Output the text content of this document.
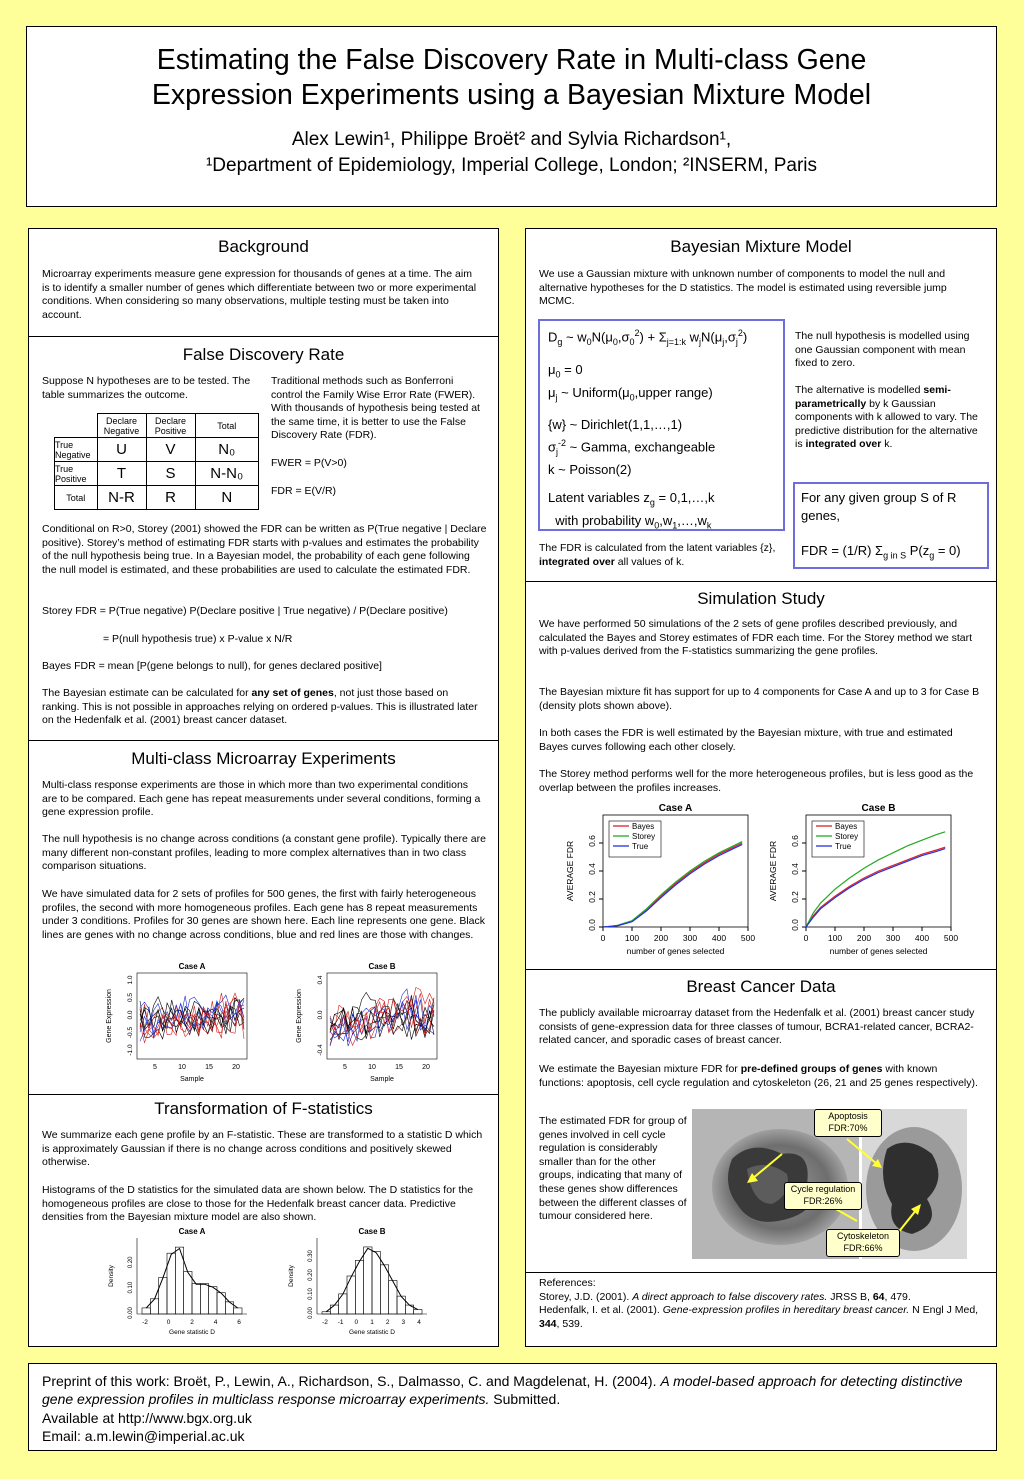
Estimating the False Discovery Rate in Multi-class Gene
Expression Experiments using a Bayesian Mixture Model
Alex Lewin¹, Philippe Broët² and Sylvia Richardson¹,
¹Department of Epidemiology, Imperial College, London; ²INSERM, Paris

Background

Microarray experiments measure gene expression for thousands of genes at a time. The aim is to identify a smaller number of genes which differentiate between two or more experimental conditions. When considering so many observations, multiple testing must be taken into account.

False Discovery Rate

Suppose N hypotheses are to be tested. The table summarizes the outcome.

	Declare Negative	Declare Positive	Total
True Negative	U	V	N₀
True Positive	T	S	N-N₀
Total	N-R	R	N

Traditional methods such as Bonferroni control the Family Wise Error Rate (FWER). With thousands of hypothesis being tested at the same time, it is better to use the False Discovery Rate (FDR).

FWER = P(V>0)

FDR = E(V/R)

Conditional on R>0, Storey (2001) showed the FDR can be written as P(True negative | Declare positive). Storey’s method of estimating FDR starts with p-values and estimates the probability of the null hypothesis being true. In a Bayesian model, the probability of each gene following the null model is estimated, and these probabilities are used to calculate the estimated FDR.

Storey FDR = P(True negative) P(Declare positive | True negative) / P(Declare positive)

= P(null hypothesis true) x P-value x N/R

Bayes FDR = mean [P(gene belongs to null), for genes declared positive]

The Bayesian estimate can be calculated for any set of genes, not just those based on ranking. This is not possible in approaches relying on ordered p-values. This is illustrated later on the Hedenfalk et al. (2001) breast cancer dataset.

Multi-class Microarray Experiments

Multi-class response experiments are those in which more than two experimental conditions are to be compared. Each gene has repeat measurements under several conditions, forming a gene expression profile.

The null hypothesis is no change across conditions (a constant gene profile). Typically there are many different non-constant profiles, leading to more complex alternatives than in two class comparison situations.

We have simulated data for 2 sets of profiles for 500 genes, the first with fairly heterogeneous profiles, the second with more homogeneous profiles. Each gene has 8 repeat measurements under 3 conditions. Profiles for 30 genes are shown here. Each line represents one gene. Black lines are genes with no change across conditions, blue and red lines are those with changes.

Case A
5	10	15	20
-1.0
-0.5
0.0
0.5
1.0
Sample
Gene Expression
Case B
5	10	15	20
-0.4
0.0
0.4
Sample
Gene Expression

Transformation of F-statistics

We summarize each gene profile by an F-statistic. These are transformed to a statistic D which is approximately Gaussian if there is no change across conditions and positively skewed otherwise.

Histograms of the D statistics for the simulated data are shown below. The D statistics for the homogeneous profiles are close to those for the Hedenfalk breast cancer data. Predictive densities from the Bayesian mixture model are also shown.

Case A
-2	0	2	4	6
0.00
0.10
0.20
Gene statistic D
Density
Case B
-2 -1 0 1 2 3 4
0.00
0.10
0.20
0.30
Gene statistic D
Density

Bayesian Mixture Model

We use a Gaussian mixture with unknown number of components to model the null and alternative hypotheses for the D statistics. The model is estimated using reversible jump MCMC.

$D_g$ ~ $w_0N(\mu_0,\sigma_0^2) + \Sigma_{j=1:k}$ $w_jN(\mu_j,\sigma_j^2)$
$\mu_0 = 0$
$\mu_j$ ~ $Uniform(\mu_0,upper$ range)
{w} ~ Dirichlet(1,1,…,1)
$\sigma_j^{-2}$ ~ Gamma, exchangeable
k ~ Poisson(2)
Latent variables $z_g$ = 0,1,…,k
with probability $w_0,w_1,\dots,w_k$

The null hypothesis is modelled using one Gaussian component with mean fixed to zero.

The alternative is modelled semi-parametrically by k Gaussian components with k allowed to vary. The predictive distribution for the alternative is integrated over k.

The FDR is calculated from the latent variables {z}, integrated over all values of k.

For any given group S of R genes,
FDR = (1/R) $\Sigma_{g in S}$ $P(z_g = 0)$

Simulation Study

We have performed 50 simulations of the 2 sets of gene profiles described previously, and calculated the Bayes and Storey estimates of FDR each time. For the Storey method we start with p-values derived from the F-statistics summarizing the gene profiles.

The Bayesian mixture fit has support for up to 4 components for Case A and up to 3 for Case B (density plots shown above).

In both cases the FDR is well estimated by the Bayesian mixture, with true and estimated Bayes curves following each other closely.

The Storey method performs well for the more heterogeneous profiles, but is less good as the overlap between the profiles increases.

Case A
0 100 200 300 400 500
0.0
0.2
0.4
0.6
number of genes selected
AVERAGE FDR
Bayes
Storey
True
Case B
0 100 200 300 400 500
0.0
0.2
0.4
0.6
number of genes selected
AVERAGE FDR
Bayes
Storey
True

Breast Cancer Data

The publicly available microarray dataset from the Hedenfalk et al. (2001) breast cancer study consists of gene-expression data for three classes of tumour, BCRA1-related cancer, BCRA2-related cancer, and sporadic cases of breast cancer.

We estimate the Bayesian mixture FDR for pre-defined groups of genes with known functions: apoptosis, cell cycle regulation and cytoskeleton (26, 21 and 25 genes respectively).

The estimated FDR for group of genes involved in cell cycle regulation is considerably smaller than for the other groups, indicating that many of these genes show differences between the different classes of tumour considered here.

Apoptosis
FDR:70%
Cycle regulation
FDR:26%
Cytoskeleton
FDR:66%

References:

Storey, J.D. (2001). A direct approach to false discovery rates. JRSS B, 64, 479.

Hedenfalk, I. et al. (2001). Gene-expression profiles in hereditary breast cancer. N Engl J Med, 344, 539.

Preprint of this work: Broët, P., Lewin, A., Richardson, S., Dalmasso, C. and Magdelenat, H. (2004). A model-based approach for detecting distinctive gene expression profiles in multiclass response microarray experiments. Submitted.
Available at http://www.bgx.org.uk
Email: a.m.lewin@imperial.ac.uk
